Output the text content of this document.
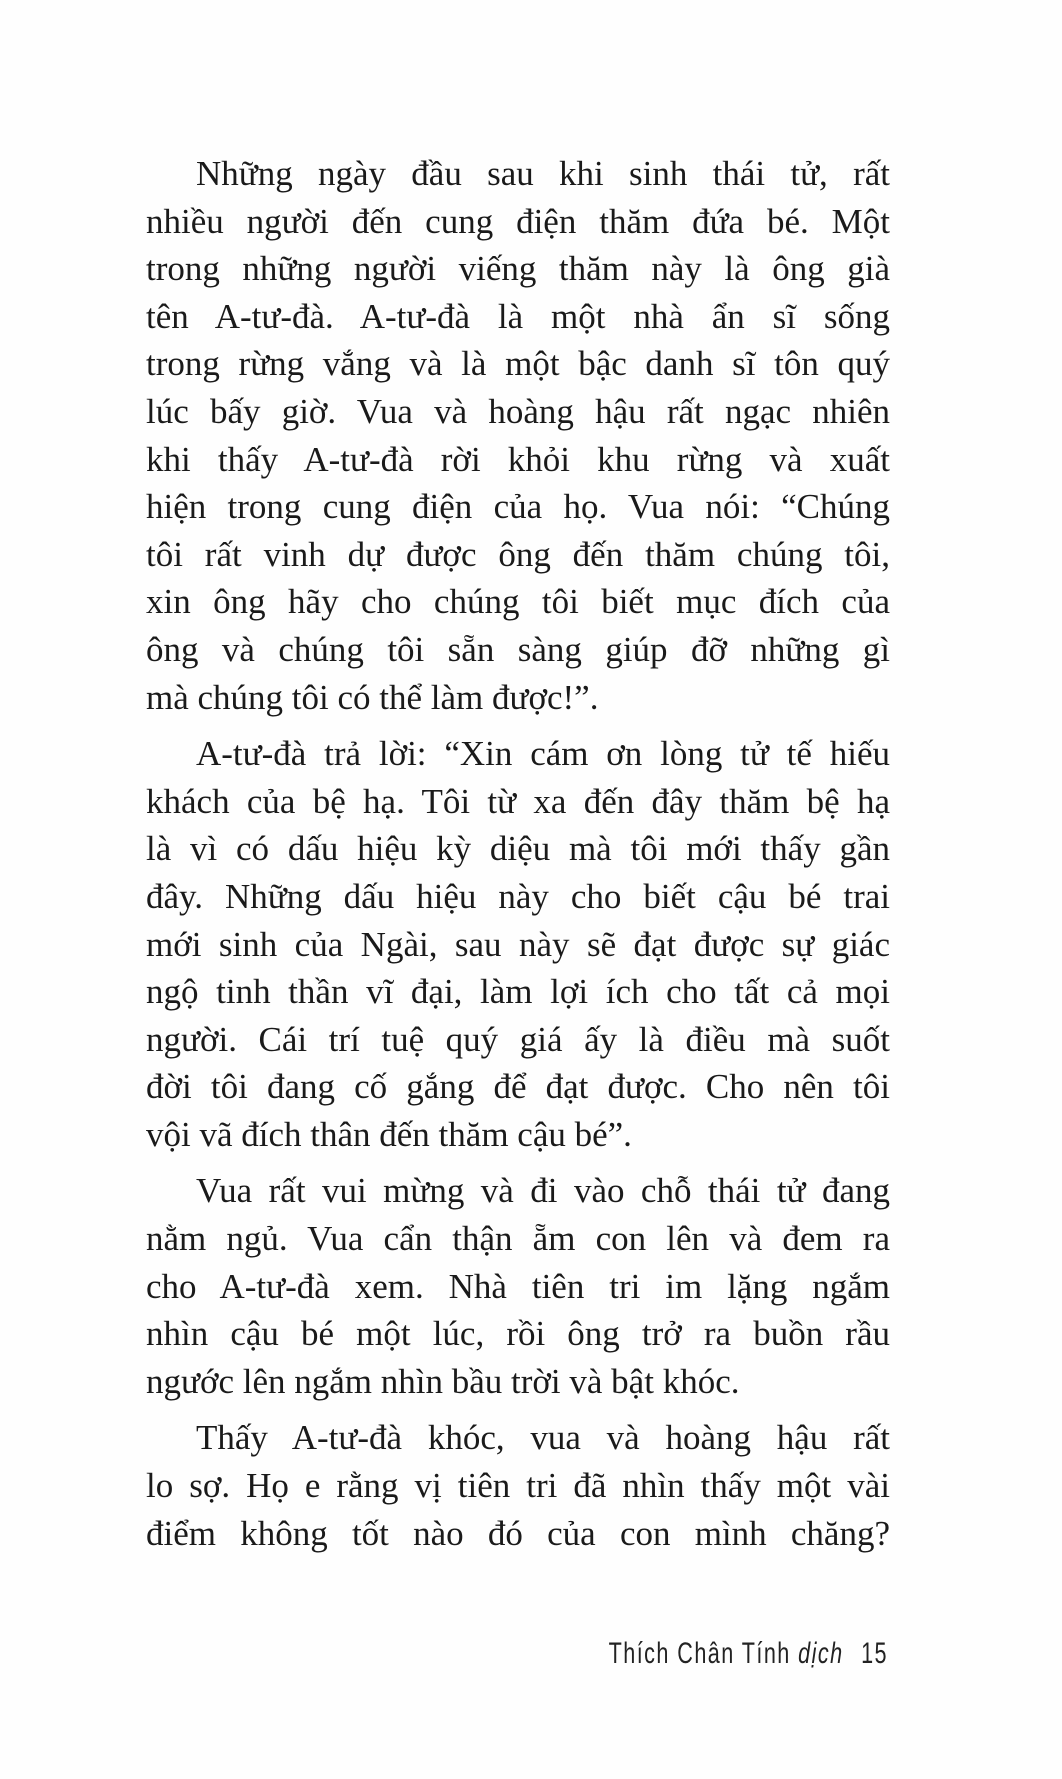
Những ngày đầu sau khi sinh thái tử, rất
nhiều người đến cung điện thăm đứa bé. Một
trong những người viếng thăm này là ông già
tên A-tư-đà. A-tư-đà là một nhà ẩn sĩ sống
trong rừng vắng và là một bậc danh sĩ tôn quý
lúc bấy giờ. Vua và hoàng hậu rất ngạc nhiên
khi thấy A-tư-đà rời khỏi khu rừng và xuất
hiện trong cung điện của họ. Vua nói: “Chúng
tôi rất vinh dự được ông đến thăm chúng tôi,
xin ông hãy cho chúng tôi biết mục đích của
ông và chúng tôi sẵn sàng giúp đỡ những gì
mà chúng tôi có thể làm được!”.
A-tư-đà trả lời: “Xin cám ơn lòng tử tế hiếu
khách của bệ hạ. Tôi từ xa đến đây thăm bệ hạ
là vì có dấu hiệu kỳ diệu mà tôi mới thấy gần
đây. Những dấu hiệu này cho biết cậu bé trai
mới sinh của Ngài, sau này sẽ đạt được sự giác
ngộ tinh thần vĩ đại, làm lợi ích cho tất cả mọi
người. Cái trí tuệ quý giá ấy là điều mà suốt
đời tôi đang cố gắng để đạt được. Cho nên tôi
vội vã đích thân đến thăm cậu bé”.
Vua rất vui mừng và đi vào chỗ thái tử đang
nằm ngủ. Vua cẩn thận ẵm con lên và đem ra
cho A-tư-đà xem. Nhà tiên tri im lặng ngắm
nhìn cậu bé một lúc, rồi ông trở ra buồn rầu
ngước lên ngắm nhìn bầu trời và bật khóc.
Thấy A-tư-đà khóc, vua và hoàng hậu rất
lo sợ. Họ e rằng vị tiên tri đã nhìn thấy một vài
điểm không tốt nào đó của con mình chăng?
Thích Chân Tính dịch 15
